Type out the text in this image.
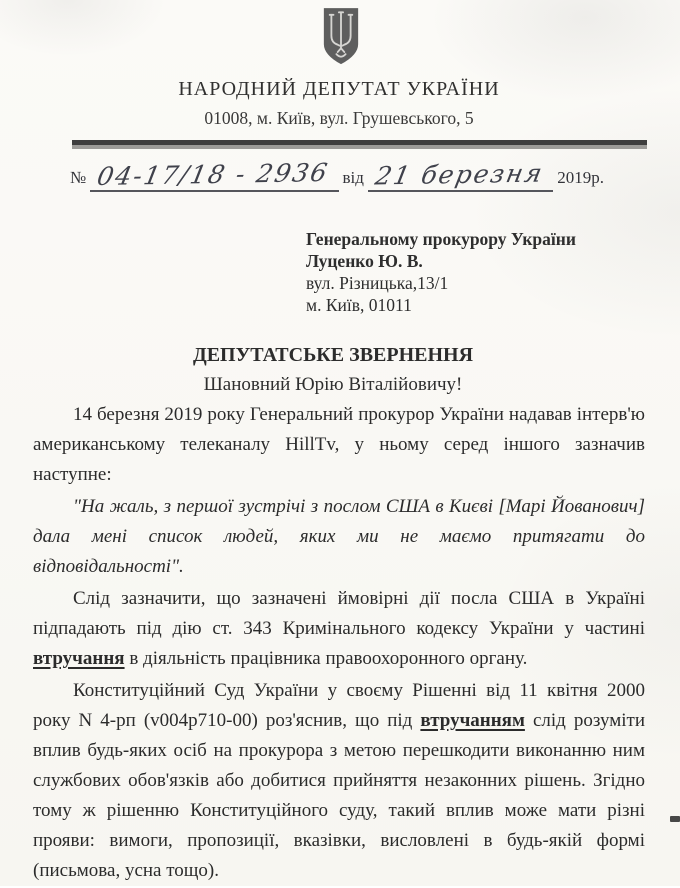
НАРОДНИЙ ДЕПУТАТ УКРАЇНИ
01008, м. Київ, вул. Грушевського, 5
№ 04-17/18 - 2936 від 21 березня 2019р.
Генеральному прокурору України
Луценко Ю. В.
вул. Різницька,13/1
м. Київ, 01011
ДЕПУТАТСЬКЕ ЗВЕРНЕННЯ
Шановний Юрію Віталійовичу!

14 березня 2019 року Генеральний прокурор України надавав інтерв'ю американському телеканалу HillTv, у ньому серед іншого зазначив наступне:

"На жаль, з першої зустрічі з послом США в Києві [Марі Йованович] дала мені список людей, яких ми не маємо притягати до відповідальності".

Слід зазначити, що зазначені ймовірні дії посла США в Україні підпадають під дію ст. 343 Кримінального кодексу України у частині втручання в діяльність працівника правоохоронного органу.

Конституційний Суд України у своєму Рішенні від 11 квітня 2000 року N 4-рп (v004p710-00) роз'яснив, що під втручанням слід розуміти вплив будь-яких осіб на прокурора з метою перешкодити виконанню ним службових обов'язків або добитися прийняття незаконних рішень. Згідно тому ж рішенню Конституційного суду, такий вплив може мати різні прояви: вимоги, пропозиції, вказівки, висловлені в будь-якій формі (письмова, усна тощо).
